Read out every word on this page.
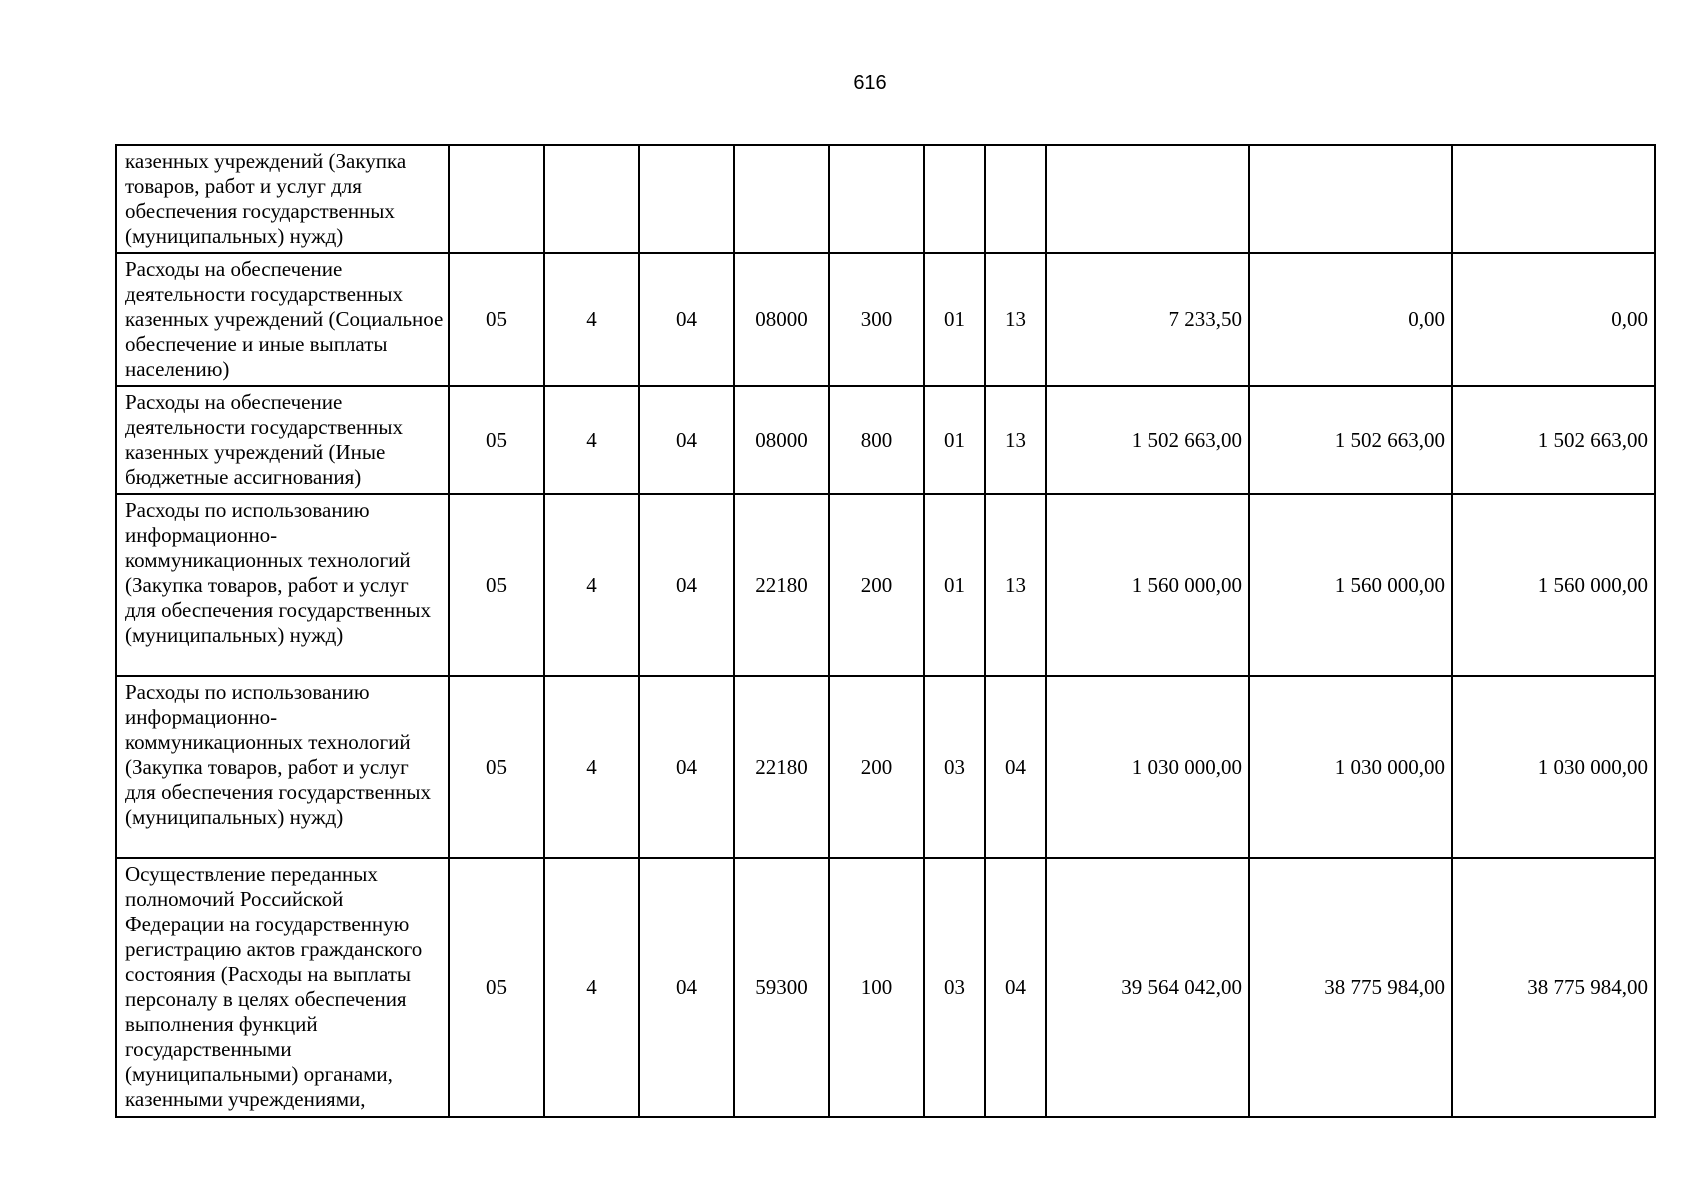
616
казенных учреждений (Закупка товаров, работ и услуг для обеспечения государственных (муниципальных) нужд)										
Расходы на обеспечение деятельности государственных казенных учреждений (Социальное обеспечение и иные выплаты населению)	05	4	04	08000	300	01	13	7 233,50	0,00	0,00
Расходы на обеспечение деятельности государственных казенных учреждений (Иные бюджетные ассигнования)	05	4	04	08000	800	01	13	1 502 663,00	1 502 663,00	1 502 663,00
Расходы по использованию информационно-коммуникационных технологий (Закупка товаров, работ и услуг для обеспечения государственных (муниципальных) нужд)	05	4	04	22180	200	01	13	1 560 000,00	1 560 000,00	1 560 000,00
Расходы по использованию информационно-коммуникационных технологий (Закупка товаров, работ и услуг для обеспечения государственных (муниципальных) нужд)	05	4	04	22180	200	03	04	1 030 000,00	1 030 000,00	1 030 000,00
Осуществление переданных полномочий Российской Федерации на государственную регистрацию актов гражданского состояния (Расходы на выплаты персоналу в целях обеспечения выполнения функций государственными (муниципальными) органами, казенными учреждениями,	05	4	04	59300	100	03	04	39 564 042,00	38 775 984,00	38 775 984,00
